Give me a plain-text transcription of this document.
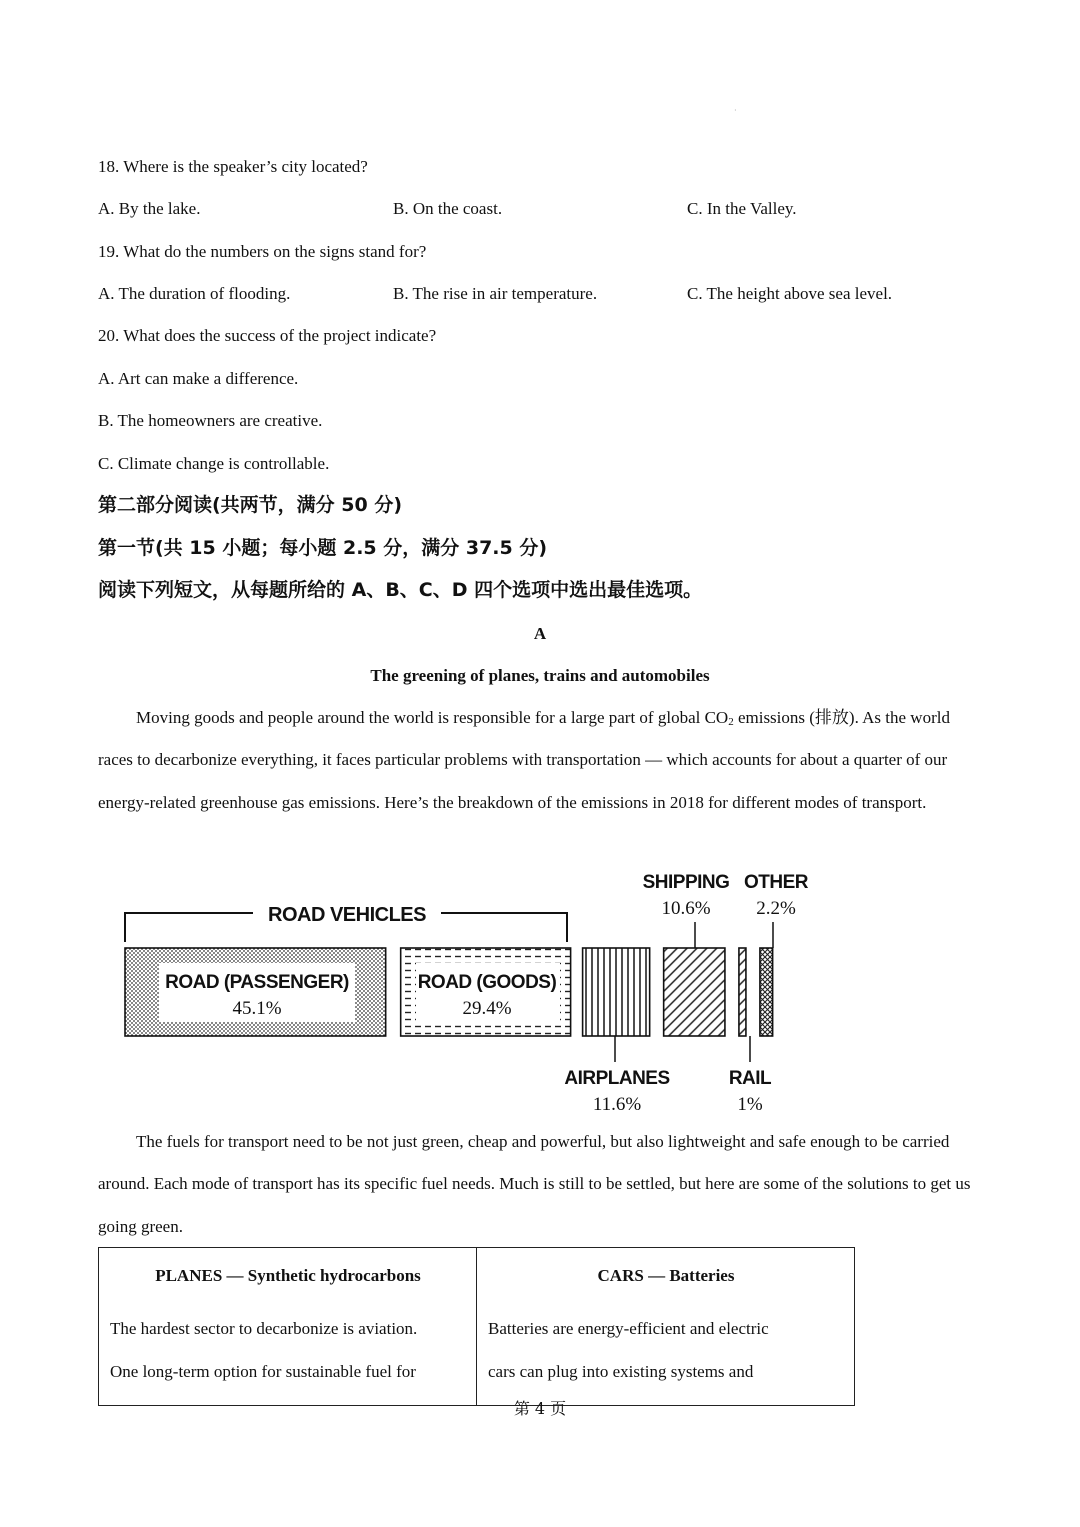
·
18. Where is the speaker’s city located?
A. By the lake.	B. On the coast.	C. In the Valley.
19. What do the numbers on the signs stand for?
A. The duration of flooding.	B. The rise in air temperature.	C. The height above sea level.
20. What does the success of the project indicate?
A. Art can make a difference.
B. The homeowners are creative.
C. Climate change is controllable.
第二部分阅读(共两节，满分 50 分)
第一节(共 15 小题；每小题 2.5 分，满分 37.5 分)
阅读下列短文，从每题所给的 A、B、C、D 四个选项中选出最佳选项。
A
The greening of planes, trains and automobiles
Moving goods and people around the world is responsible for a large part of global $CO_2$ emissions (排放). As the world races to decarbonize everything, it faces particular problems with transportation — which accounts for about a quarter of our energy-related greenhouse gas emissions. Here’s the breakdown of the emissions in 2018 for different modes of transport.
ROAD VEHICLES
ROAD (PASSENGER)
45.1%
ROAD (GOODS)
29.4%
SHIPPING
10.6%
OTHER
2.2%
AIRPLANES
11.6%
RAIL
1%
The fuels for transport need to be not just green, cheap and powerful, but also lightweight and safe enough to be carried around. Each mode of transport has its specific fuel needs. Much is still to be settled, but here are some of the solutions to get us going green.
PLANES — Synthetic hydrocarbons
The hardest sector to decarbonize is aviation.
One long-term option for sustainable fuel for

CARS — Batteries
Batteries are energy-efficient and electric
cars can plug into existing systems and
第 4 页
